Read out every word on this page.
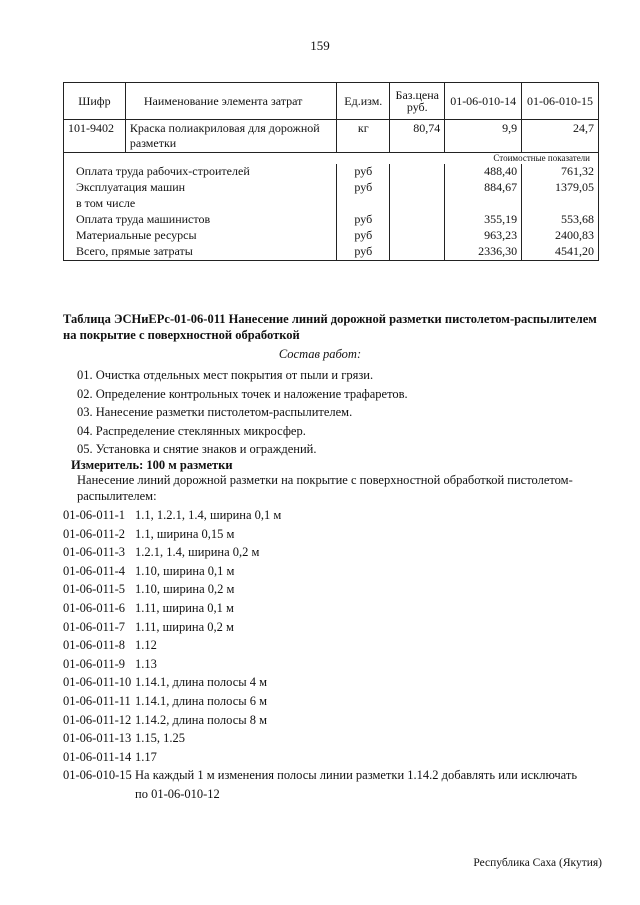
159
Шифр	Наименование элемента затрат	Ед.изм.	Баз.цена руб.	01-06-010-14	01-06-010-15
101-9402	Краска полиакриловая для дорожной разметки	кг	80,74	9,9	24,7
Стоимостные показатели					
Оплата труда рабочих-строителей		руб		488,40	761,32
Эксплуатация машин		руб		884,67	1379,05
в том числе					
Оплата труда машинистов		руб		355,19	553,68
Материальные ресурсы		руб		963,23	2400,83
Всего, прямые затраты		руб		2336,30	4541,20
Таблица ЭСНиЕРс-01-06-011 Нанесение линий дорожной разметки пистолетом-распылителем на покрытие с поверхностной обработкой
Состав работ:
01. Очистка отдельных мест покрытия от пыли и грязи.
02. Определение контрольных точек и наложение трафаретов.
03. Нанесение разметки пистолетом-распылителем.
04. Распределение стеклянных микросфер.
05. Установка и снятие знаков и ограждений.
Измеритель: 100 м разметки
Нанесение линий дорожной разметки на покрытие с поверхностной обработкой пистолетом-распылителем:
01-06-011-1 1.1, 1.2.1, 1.4, ширина 0,1 м
01-06-011-2 1.1, ширина 0,15 м
01-06-011-3 1.2.1, 1.4, ширина 0,2 м
01-06-011-4 1.10, ширина 0,1 м
01-06-011-5 1.10, ширина 0,2 м
01-06-011-6 1.11, ширина 0,1 м
01-06-011-7 1.11, ширина 0,2 м
01-06-011-8 1.12
01-06-011-9 1.13
01-06-011-10 1.14.1, длина полосы 4 м
01-06-011-11 1.14.1, длина полосы 6 м
01-06-011-12 1.14.2, длина полосы 8 м
01-06-011-13 1.15, 1.25
01-06-011-14 1.17
01-06-010-15 На каждый 1 м изменения полосы линии разметки 1.14.2 добавлять или исключать
по 01-06-010-12
Республика Саха (Якутия)
